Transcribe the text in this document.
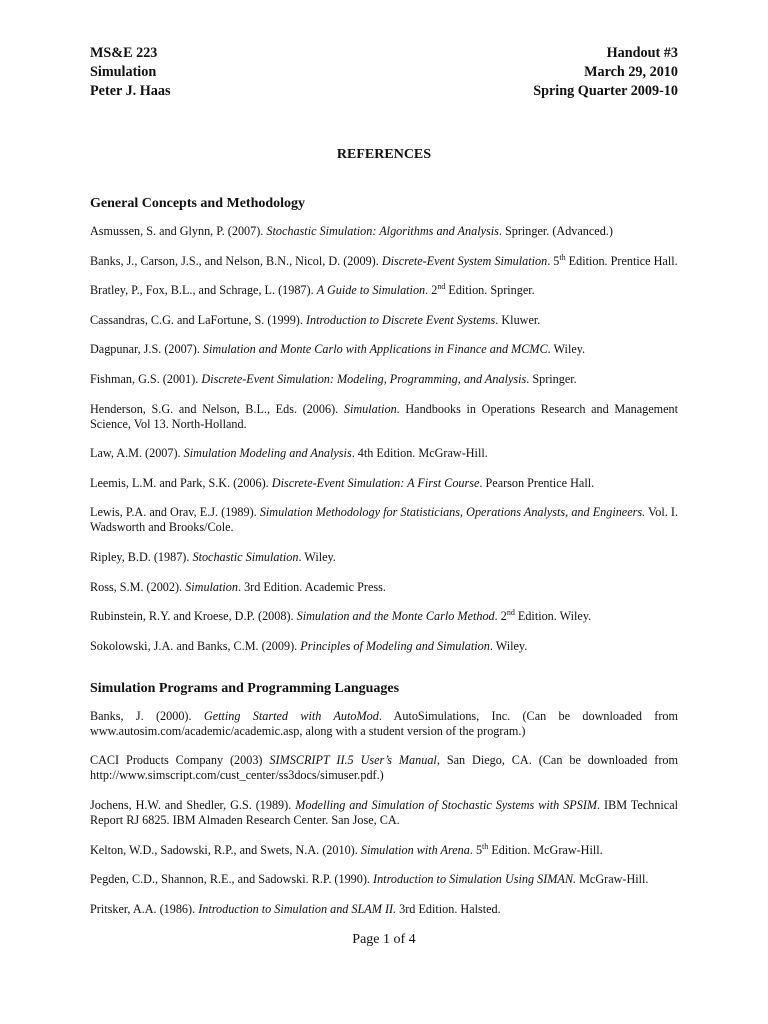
MS&E 223
Simulation
Peter J. Haas
Handout #3
March 29, 2010
Spring Quarter 2009-10
REFERENCES
General Concepts and Methodology

Asmussen, S. and Glynn, P. (2007). Stochastic Simulation: Algorithms and Analysis. Springer. (Advanced.)

Banks, J., Carson, J.S., and Nelson, B.N., Nicol, D. (2009). Discrete-Event System Simulation. 5th Edition. Prentice Hall.

Bratley, P., Fox, B.L., and Schrage, L. (1987). A Guide to Simulation. 2nd Edition. Springer.

Cassandras, C.G. and LaFortune, S. (1999). Introduction to Discrete Event Systems. Kluwer.

Dagpunar, J.S. (2007). Simulation and Monte Carlo with Applications in Finance and MCMC. Wiley.

Fishman, G.S. (2001). Discrete-Event Simulation: Modeling, Programming, and Analysis. Springer.

Henderson, S.G. and Nelson, B.L., Eds. (2006). Simulation. Handbooks in Operations Research and Management Science, Vol 13. North-Holland.

Law, A.M. (2007). Simulation Modeling and Analysis. 4th Edition. McGraw-Hill.

Leemis, L.M. and Park, S.K. (2006). Discrete-Event Simulation: A First Course. Pearson Prentice Hall.

Lewis, P.A. and Orav, E.J. (1989). Simulation Methodology for Statisticians, Operations Analysts, and Engineers. Vol. I. Wadsworth and Brooks/Cole.

Ripley, B.D. (1987). Stochastic Simulation. Wiley.

Ross, S.M. (2002). Simulation. 3rd Edition. Academic Press.

Rubinstein, R.Y. and Kroese, D.P. (2008). Simulation and the Monte Carlo Method. 2nd Edition. Wiley.

Sokolowski, J.A. and Banks, C.M. (2009). Principles of Modeling and Simulation. Wiley.

Simulation Programs and Programming Languages

Banks, J. (2000). Getting Started with AutoMod. AutoSimulations, Inc. (Can be downloaded from www.autosim.com/academic/academic.asp, along with a student version of the program.)

CACI Products Company (2003) SIMSCRIPT II.5 User’s Manual, San Diego, CA. (Can be downloaded from http://www.simscript.com/cust_center/ss3docs/simuser.pdf.)

Jochens, H.W. and Shedler, G.S. (1989). Modelling and Simulation of Stochastic Systems with SPSIM. IBM Technical Report RJ 6825. IBM Almaden Research Center. San Jose, CA.

Kelton, W.D., Sadowski, R.P., and Swets, N.A. (2010). Simulation with Arena. 5th Edition. McGraw-Hill.

Pegden, C.D., Shannon, R.E., and Sadowski. R.P. (1990). Introduction to Simulation Using SIMAN. McGraw-Hill.

Pritsker, A.A. (1986). Introduction to Simulation and SLAM II. 3rd Edition. Halsted.

Page 1 of 4
